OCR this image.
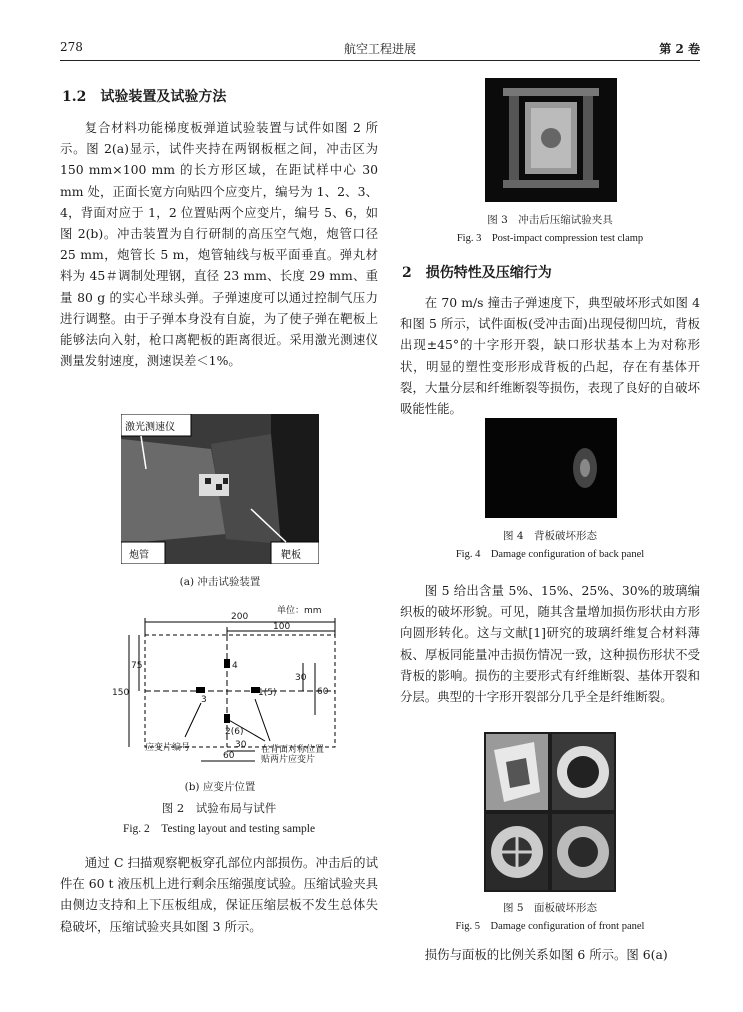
278	航空工程进展	第 2 卷
1.2　试验装置及试验方法
复合材料功能梯度板弹道试验装置与试件如图 2 所示。图 2(a)显示，试件夹持在两钢板框之间，冲击区为150 mm×100 mm 的长方形区域，在距试样中心 30 mm 处，正面长宽方向贴四个应变片，编号为 1、2、3、4，背面对应于 1，2 位置贴两个应变片，编号 5、6，如图 2(b)。冲击装置为自行研制的高压空气炮，炮管口径 25 mm，炮管长 5 m，炮管轴线与板平面垂直。弹丸材料为 45＃调制处理钢，直径 23 mm、长度 29 mm、重量 80 g 的实心半球头弹。子弹速度可以通过控制气压力进行调整。由于子弹本身没有自旋，为了使子弹在靶板上能够法向入射，枪口离靶板的距离很近。采用激光测速仪测量发射速度，测速误差＜1%。
激光测速仪
炮管	靶板
(a) 冲击试验装置
单位：mm
200
100
150
75
30
60
30
60
4
3
1(5)
2(6)
应变片编号	在背面对称位置
贴两片应变片
(b) 应变片位置
图 2　试验布局与试件
Fig. 2　Testing layout and testing sample
通过 C 扫描观察靶板穿孔部位内部损伤。冲击后的试件在 60 t 液压机上进行剩余压缩强度试验。压缩试验夹具由侧边支持和上下压板组成，保证压缩层板不发生总体失稳破坏，压缩试验夹具如图 3 所示。
图 3　冲击后压缩试验夹具
Fig. 3　Post-impact compression test clamp
2　损伤特性及压缩行为
在 70 m/s 撞击子弹速度下，典型破坏形式如图 4 和图 5 所示，试件面板(受冲击面)出现侵彻凹坑，背板出现±45°的十字形开裂，缺口形状基本上为对称形状，明显的塑性变形形成背板的凸起，存在有基体开裂，大量分层和纤维断裂等损伤，表现了良好的自破坏吸能性能。
图 4　背板破坏形态
Fig. 4　Damage configuration of back panel
图 5 给出含量 5%、15%、25%、30%的玻璃编织板的破坏形貌。可见，随其含量增加损伤形状由方形向圆形转化。这与文献[1]研究的玻璃纤维复合材料薄板、厚板同能量冲击损伤情况一致，这种损伤形状不受背板的影响。损伤的主要形式有纤维断裂、基体开裂和分层。典型的十字形开裂部分几乎全是纤维断裂。
图 5　面板破坏形态
Fig. 5　Damage configuration of front panel
损伤与面板的比例关系如图 6 所示。图 6(a)
